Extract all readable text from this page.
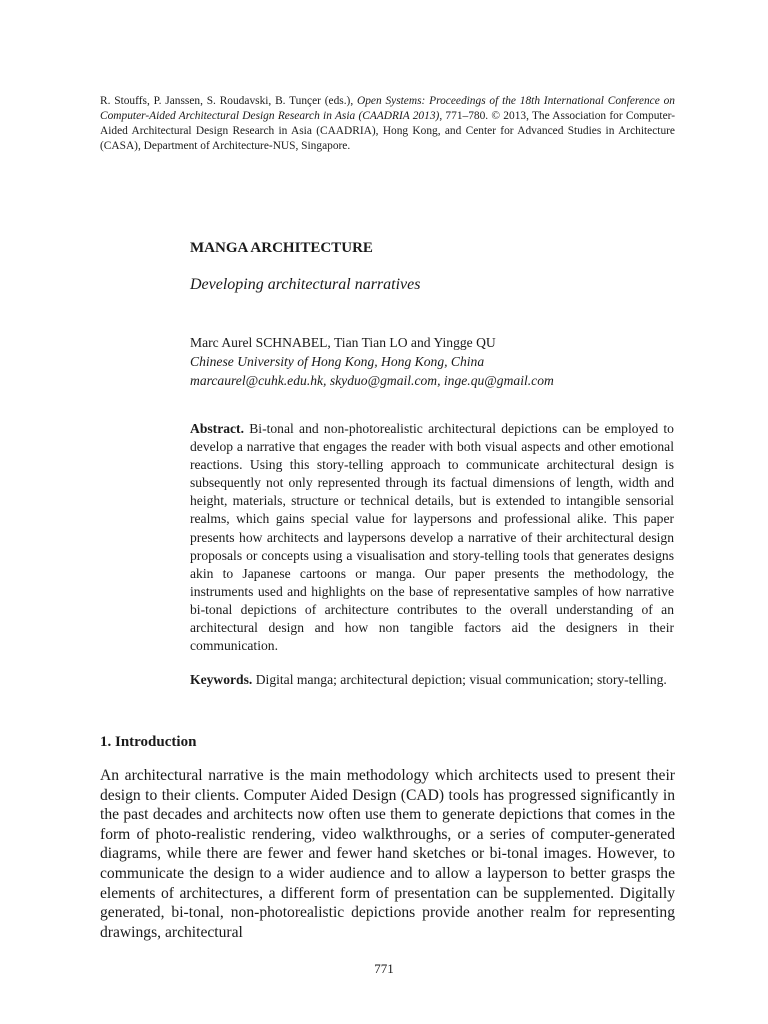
R. Stouffs, P. Janssen, S. Roudavski, B. Tunçer (eds.), Open Systems: Proceedings of the 18th International Conference on Computer-Aided Architectural Design Research in Asia (CAADRIA 2013), 771–780. © 2013, The Association for Computer-Aided Architectural Design Research in Asia (CAADRIA), Hong Kong, and Center for Advanced Studies in Architecture (CASA), Department of Architecture-NUS, Singapore.
MANGA ARCHITECTURE
Developing architectural narratives
Marc Aurel SCHNABEL, Tian Tian LO and Yingge QU
Chinese University of Hong Kong, Hong Kong, China
marcaurel@cuhk.edu.hk, skyduo@gmail.com, inge.qu@gmail.com
Abstract. Bi-tonal and non-photorealistic architectural depictions can be employed to develop a narrative that engages the reader with both visual aspects and other emotional reactions. Using this story-telling approach to communicate architectural design is subsequently not only represented through its factual dimensions of length, width and height, materials, structure or technical details, but is extended to intangible sensorial realms, which gains special value for laypersons and professional alike. This paper presents how architects and laypersons develop a narrative of their architectural design proposals or concepts using a visualisation and story-telling tools that generates designs akin to Japanese cartoons or manga. Our paper presents the methodology, the instruments used and highlights on the base of representative samples of how narrative bi-tonal depictions of architecture contributes to the overall understanding of an architectural design and how non tangible factors aid the designers in their communication.
Keywords. Digital manga; architectural depiction; visual communication; story-telling.
1. Introduction
An architectural narrative is the main methodology which architects used to present their design to their clients. Computer Aided Design (CAD) tools has progressed significantly in the past decades and architects now often use them to generate depictions that comes in the form of photo-realistic rendering, video walkthroughs, or a series of computer-generated diagrams, while there are fewer and fewer hand sketches or bi-tonal images. However, to communicate the design to a wider audience and to allow a layperson to better grasps the elements of architectures, a different form of presentation can be supplemented. Digitally generated, bi-tonal, non-photorealistic depictions provide another realm for representing drawings, architectural
771
